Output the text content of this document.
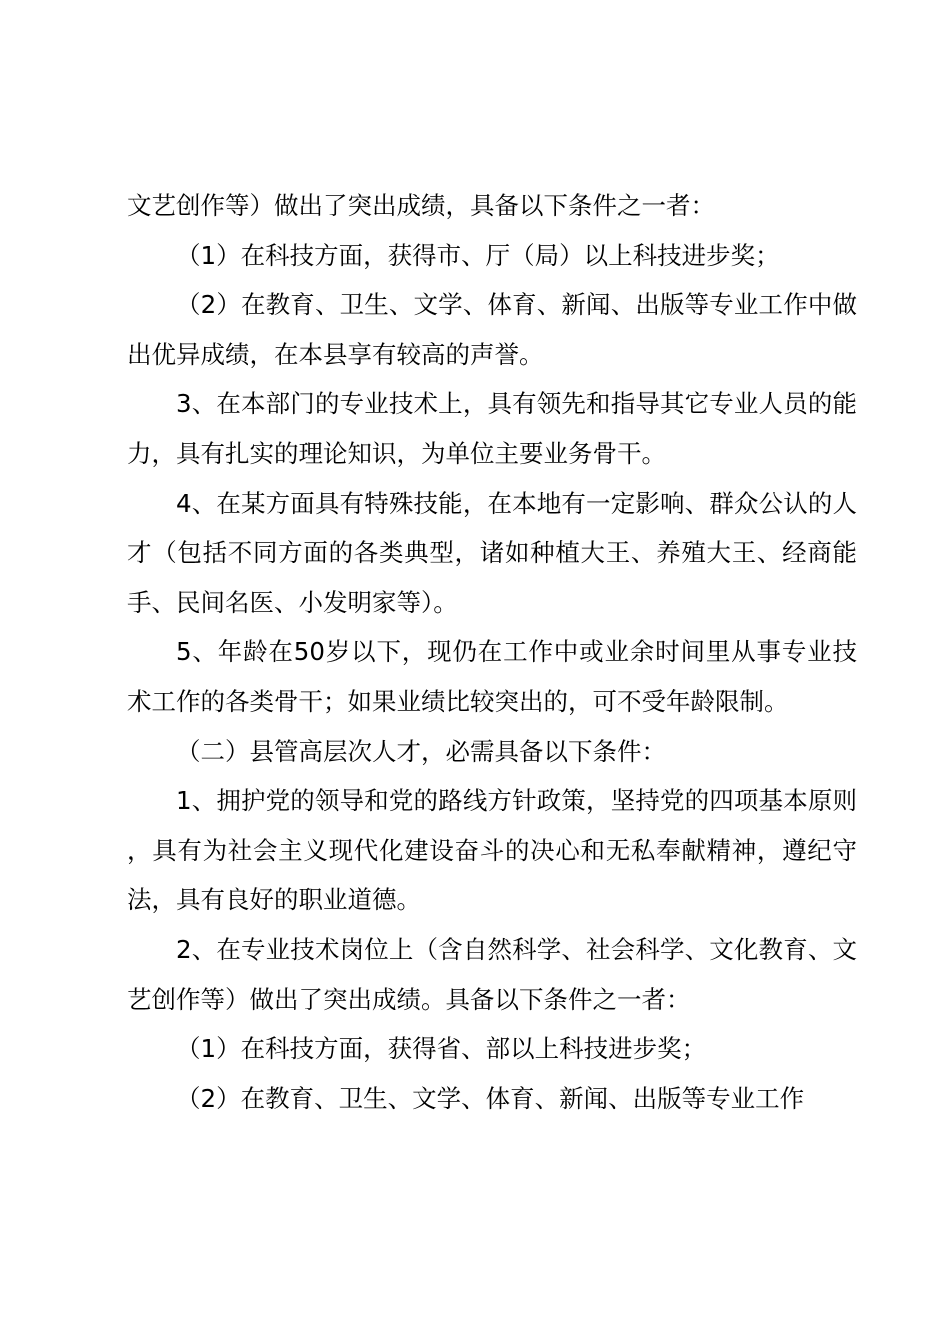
文艺创作等）做出了突出成绩，具备以下条件之一者：

（1）在科技方面，获得市、厅（局）以上科技进步奖；

（2）在教育、卫生、文学、体育、新闻、出版等专业工作中做出优异成绩，在本县享有较高的声誉。

3、在本部门的专业技术上，具有领先和指导其它专业人员的能力，具有扎实的理论知识，为单位主要业务骨干。

4、在某方面具有特殊技能，在本地有一定影响、群众公认的人才（包括不同方面的各类典型，诸如种植大王、养殖大王、经商能手、民间名医、小发明家等）。

5、年龄在50岁以下，现仍在工作中或业余时间里从事专业技术工作的各类骨干；如果业绩比较突出的，可不受年龄限制。

（二）县管高层次人才，必需具备以下条件：

1、拥护党的领导和党的路线方针政策，坚持党的四项基本原则，具有为社会主义现代化建设奋斗的决心和无私奉献精神，遵纪守法，具有良好的职业道德。

2、在专业技术岗位上（含自然科学、社会科学、文化教育、文艺创作等）做出了突出成绩。具备以下条件之一者：

（1）在科技方面，获得省、部以上科技进步奖；

（2）在教育、卫生、文学、体育、新闻、出版等专业工作
